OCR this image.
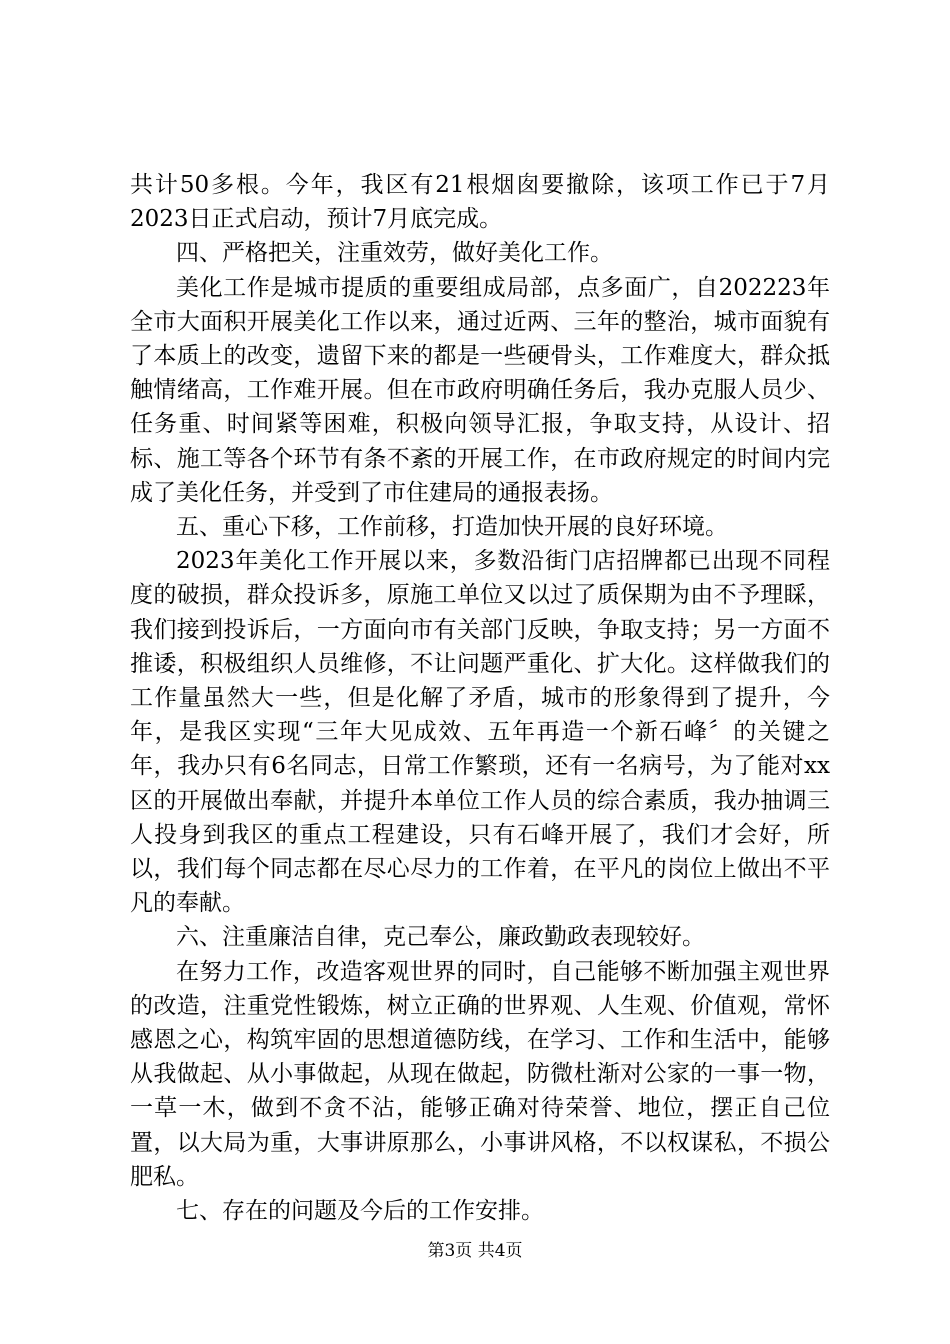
共计50多根。今年，我区有21根烟囱要撤除，该项工作已于7月2023日正式启动，预计7月底完成。

四、严格把关，注重效劳，做好美化工作。

美化工作是城市提质的重要组成局部，点多面广，自202223年全市大面积开展美化工作以来，通过近两、三年的整治，城市面貌有了本质上的改变，遗留下来的都是一些硬骨头，工作难度大，群众抵触情绪高，工作难开展。但在市政府明确任务后，我办克服人员少、任务重、时间紧等困难，积极向领导汇报，争取支持，从设计、招标、施工等各个环节有条不紊的开展工作，在市政府规定的时间内完成了美化任务，并受到了市住建局的通报表扬。

五、重心下移，工作前移，打造加快开展的良好环境。

2023年美化工作开展以来，多数沿街门店招牌都已出现不同程度的破损，群众投诉多，原施工单位又以过了质保期为由不予理睬，我们接到投诉后，一方面向市有关部门反映，争取支持；另一方面不推诿，积极组织人员维修，不让问题严重化、扩大化。这样做我们的工作量虽然大一些，但是化解了矛盾，城市的形象得到了提升，今年，是我区实现“三年大见成效、五年再造一个新石峰〞的关键之年，我办只有6名同志，日常工作繁琐，还有一名病号，为了能对xx区的开展做出奉献，并提升本单位工作人员的综合素质，我办抽调三人投身到我区的重点工程建设，只有石峰开展了，我们才会好，所以，我们每个同志都在尽心尽力的工作着，在平凡的岗位上做出不平凡的奉献。

六、注重廉洁自律，克己奉公，廉政勤政表现较好。

在努力工作，改造客观世界的同时，自己能够不断加强主观世界的改造，注重党性锻炼，树立正确的世界观、人生观、价值观，常怀感恩之心，构筑牢固的思想道德防线，在学习、工作和生活中，能够从我做起、从小事做起，从现在做起，防微杜渐对公家的一事一物，一草一木，做到不贪不沾，能够正确对待荣誉、地位，摆正自己位置，以大局为重，大事讲原那么，小事讲风格，不以权谋私，不损公肥私。

七、存在的问题及今后的工作安排。

第3页 共4页
